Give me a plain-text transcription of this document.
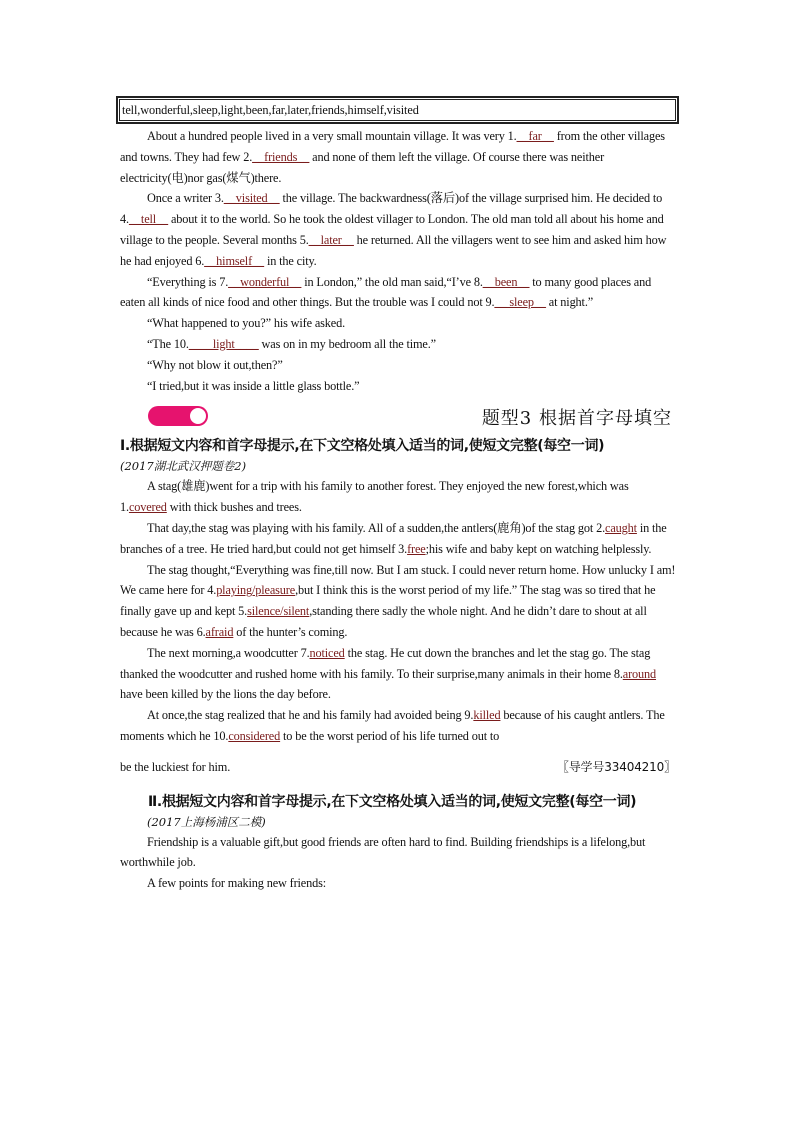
tell,wonderful,sleep,light,been,far,later,friends,himself,visited

About a hundred people lived in a very small mountain village. It was very 1.__far__ from the other villages and towns. They had few 2.__friends__ and none of them left the village. Of course there was neither electricity(电)nor gas(煤气)there.

Once a writer 3.__visited__ the village. The backwardness(落后)of the village surprised him. He decided to 4.__tell__ about it to the world. So he took the oldest villager to London. The old man told all about his home and village to the people. Several months 5.__later__ he returned. All the villagers went to see him and asked him how he had enjoyed 6.__himself__ in the city.

“Everything is 7.__wonderful__ in London,” the old man said,“I’ve 8.__been__ to many good places and eaten all kinds of nice food and other things. But the trouble was I could not 9.__ sleep__ at night.”

“What happened to you?” his wife asked.

“The 10.____light____ was on in my bedroom all the time.”

“Why not blow it out,then?”

“I tried,but it was inside a little glass bottle.”

题型3 根据首字母填空

Ⅰ.根据短文内容和首字母提示,在下文空格处填入适当的词,使短文完整(每空一词)

(2017湖北武汉押题卷2)

A stag(雄鹿)went for a trip with his family to another forest. They enjoyed the new forest,which was 1.covered with thick bushes and trees.

That day,the stag was playing with his family. All of a sudden,the antlers(鹿角)of the stag got 2.caught in the branches of a tree. He tried hard,but could not get himself 3.free;his wife and baby kept on watching helplessly.

The stag thought,“Everything was fine,till now. But I am stuck. I could never return home. How unlucky I am! We came here for 4.playing/pleasure,but I think this is the worst period of my life.” The stag was so tired that he finally gave up and kept 5.silence/silent,standing there sadly the whole night. And he didn’t dare to shout at all because he was 6.afraid of the hunter’s coming.

The next morning,a woodcutter 7.noticed the stag. He cut down the branches and let the stag go. The stag thanked the woodcutter and rushed home with his family. To their surprise,many animals in their home 8.around have been killed by the lions the day before.

At once,the stag realized that he and his family had avoided being 9.killed because of his caught antlers. The moments which he 10.considered to be the worst period of his life turned out to

be the luckiest for him.	〖导学号33404210〗

Ⅱ.根据短文内容和首字母提示,在下文空格处填入适当的词,使短文完整(每空一词)

(2017上海杨浦区二模)

Friendship is a valuable gift,but good friends are often hard to find. Building friendships is a lifelong,but worthwhile job.

A few points for making new friends:
